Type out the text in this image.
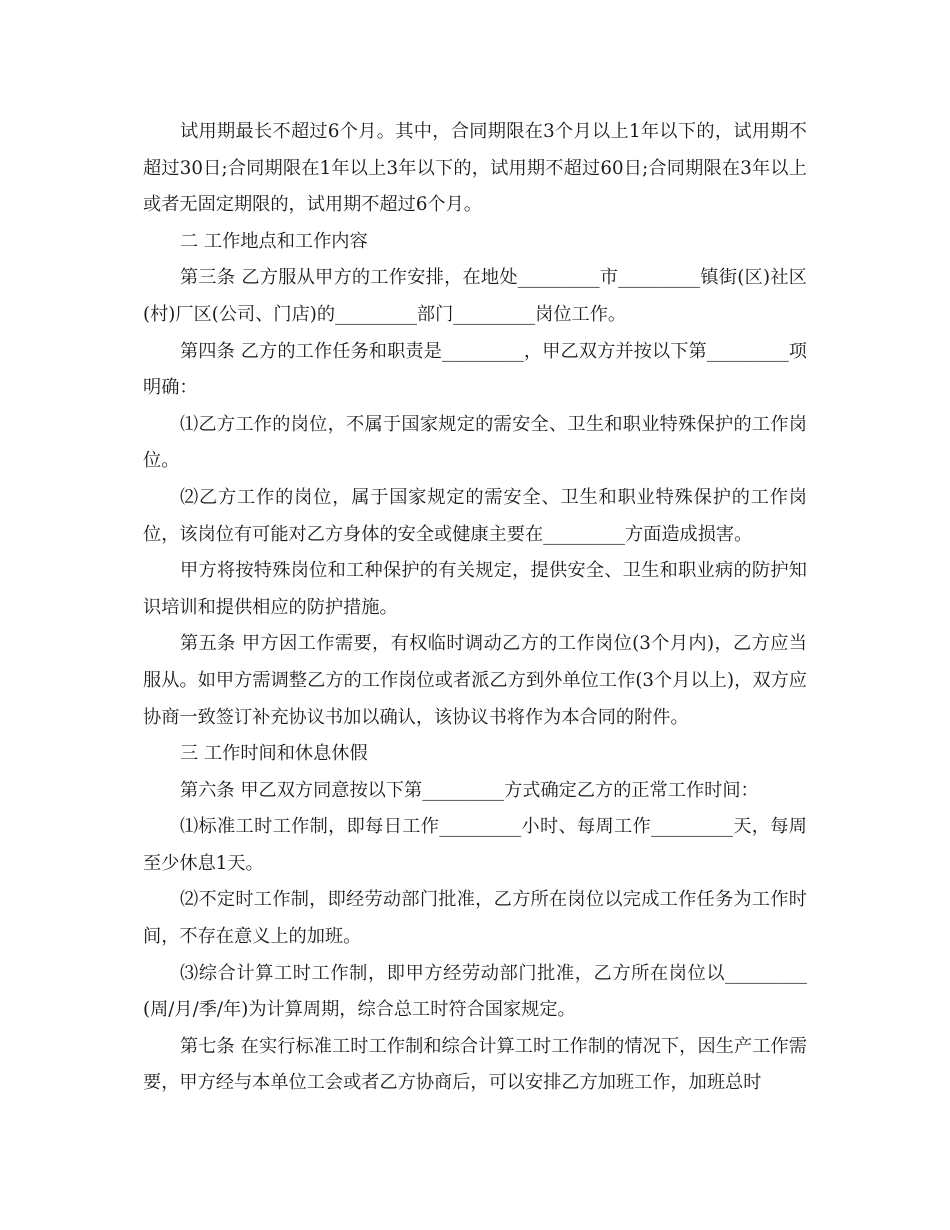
试用期最长不超过6个月。其中，合同期限在3个月以上1年以下的，试用期不超过30日;合同期限在1年以上3年以下的，试用期不超过60日;合同期限在3年以上或者无固定期限的，试用期不超过6个月。

二 工作地点和工作内容

第三条 乙方服从甲方的工作安排，在地处_________市_________镇街(区)社区(村)厂区(公司、门店)的_________部门_________岗位工作。

第四条 乙方的工作任务和职责是_________，甲乙双方并按以下第_________项明确：

⑴乙方工作的岗位，不属于国家规定的需安全、卫生和职业特殊保护的工作岗位。

⑵乙方工作的岗位，属于国家规定的需安全、卫生和职业特殊保护的工作岗位，该岗位有可能对乙方身体的安全或健康主要在_________方面造成损害。

甲方将按特殊岗位和工种保护的有关规定，提供安全、卫生和职业病的防护知识培训和提供相应的防护措施。

第五条 甲方因工作需要，有权临时调动乙方的工作岗位(3个月内)，乙方应当服从。如甲方需调整乙方的工作岗位或者派乙方到外单位工作(3个月以上)，双方应协商一致签订补充协议书加以确认，该协议书将作为本合同的附件。

三 工作时间和休息休假

第六条 甲乙双方同意按以下第_________方式确定乙方的正常工作时间：

⑴标准工时工作制，即每日工作_________小时、每周工作_________天，每周至少休息1天。

⑵不定时工作制，即经劳动部门批准，乙方所在岗位以完成工作任务为工作时间，不存在意义上的加班。

⑶综合计算工时工作制，即甲方经劳动部门批准，乙方所在岗位以_________(周/月/季/年)为计算周期，综合总工时符合国家规定。

第七条 在实行标准工时工作制和综合计算工时工作制的情况下，因生产工作需要，甲方经与本单位工会或者乙方协商后，可以安排乙方加班工作，加班总时
